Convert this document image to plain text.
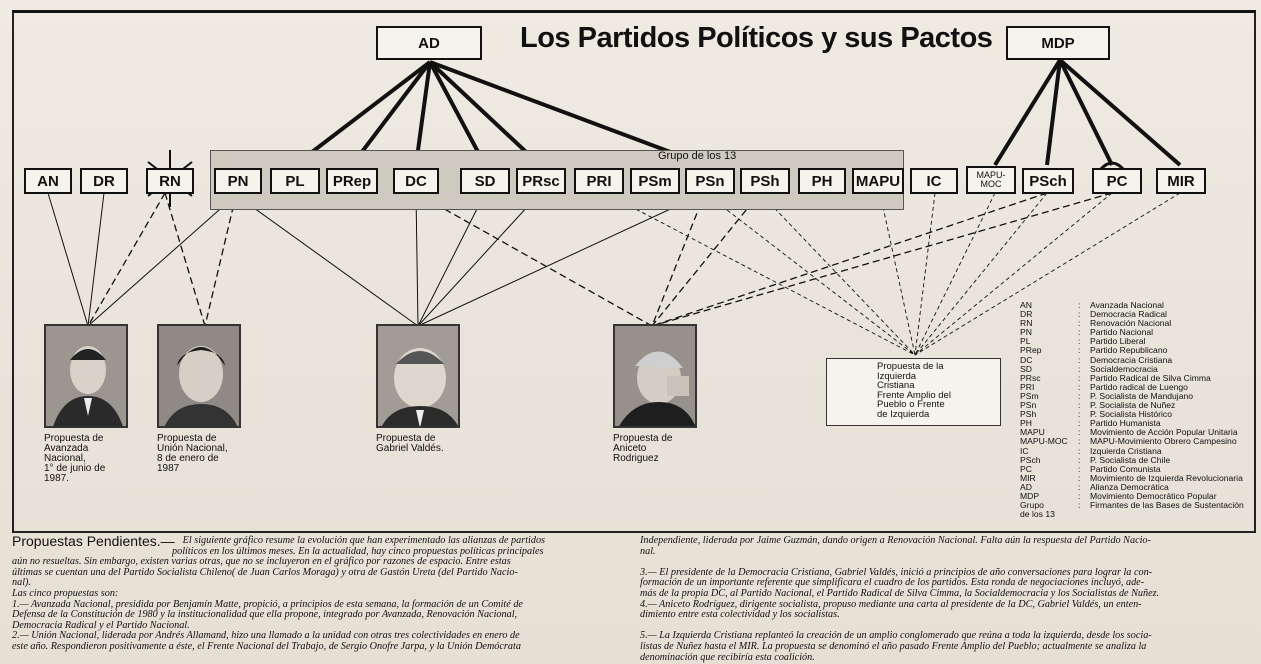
Los Partidos Políticos y sus Pactos
Grupo de los 13
AD	MDP
AN	DR	RN	PN	PL	PRep	DC	SD	PRsc	PRI	PSm	PSn	PSh	PH	MAPU	IC	MAPU-MOC	PSch	PC	MIR
Propuesta de
Avanzada
Nacional,
1° de junio de
1987.
Propuesta de
Unión Nacional,
8 de enero de
1987
Propuesta de
Gabriel Valdés.
Propuesta de
Aniceto
Rodriguez
Propuesta de la
Izquierda
Cristiana
Frente Amplio del
Pueblo o Frente
de Izquierda
AN	:	Avanzada Nacional
DR	:	Democracia Radical
RN	:	Renovación Nacional
PN	:	Partido Nacional
PL	:	Partido Liberal
PRep	:	Partido Republicano
DC	:	Democracia Cristiana
SD	:	Socialdemocracia
PRsc	:	Partido Radical de Silva Cimma
PRI	:	Partido radical de Luengo
PSm	:	P. Socialista de Mandujano
PSn	:	P. Socialista de Nuñez
PSh	:	P. Socialista Histórico
PH	:	Partido Humanista
MAPU	:	Movimiento de Acción Popular Unitaria
MAPU-MOC	:	MAPU-Movimiento Obrero Campesino
IC	:	Izquierda Cristiana
PSch	:	P. Socialista de Chile
PC	:	Partido Comunista
MIR	:	Movimiento de Izquierda Revolucionaria
AD	:	Alianza Democrática
MDP	:	Movimiento Democrático Popular
Grupo
de los 13
:	Firmantes de las Bases de Sustentación
Propuestas Pendientes.— El siguiente gráfico resume la evolución que han experimentado las alianzas de partidos
políticos en los últimos meses. En la actualidad, hay cinco propuestas políticas principales
aún no resueltas. Sin embargo, existen varias otras, que no se incluyeron en el gráfico por razones de espacio. Entre estas
últimas se cuentan una del Partido Socialista Chileno( de Juan Carlos Moraga) y otra de Gastón Ureta (del Partido Nacio-
nal).
Las cinco propuestas son:
1.— Avanzada Nacional, presidida por Benjamín Matte, propició, a principios de esta semana, la formación de un Comité de
Defensa de la Constitución de 1980 y la institucionalidad que ella propone, integrado por Avanzada, Renovación Nacional,
Democracia Radical y el Partido Nacional.
2.— Unión Nacional, liderada por Andrés Allamand, hizo una llamado a la unidad con otras tres colectividades en enero de
este año. Respondieron positivamente a éste, el Frente Nacional del Trabajo, de Sergio Onofre Jarpa, y la Unión Demócrata
Independiente, liderada por Jaime Guzmán, dando origen a Renovación Nacional. Falta aún la respuesta del Partido Nacio-
nal.

3.— El presidente de la Democracia Cristiana, Gabriel Valdés, inició a principios de año conversaciones para lograr la con-
formación de un importante referente que simplificara el cuadro de los partidos. Esta ronda de negociaciones incluyó, ade-
más de la propia DC, al Partido Nacional, el Partido Radical de Silva Cimma, la Socialdemocracia y los Socialistas de Nuñez.
4.— Aniceto Rodríguez, dirigente socialista, propuso mediante una carta al presidente de la DC, Gabriel Valdés, un enten-
dimiento entre esta colectividad y los socialistas.

5.— La Izquierda Cristiana replanteó la creación de un amplio conglomerado que reúna a toda la izquierda, desde los socia-
listas de Nuñez hasta el MIR. La propuesta se denominó el año pasado Frente Amplio del Pueblo; actualmente se analiza la
denominación que recibiría esta coalición.
